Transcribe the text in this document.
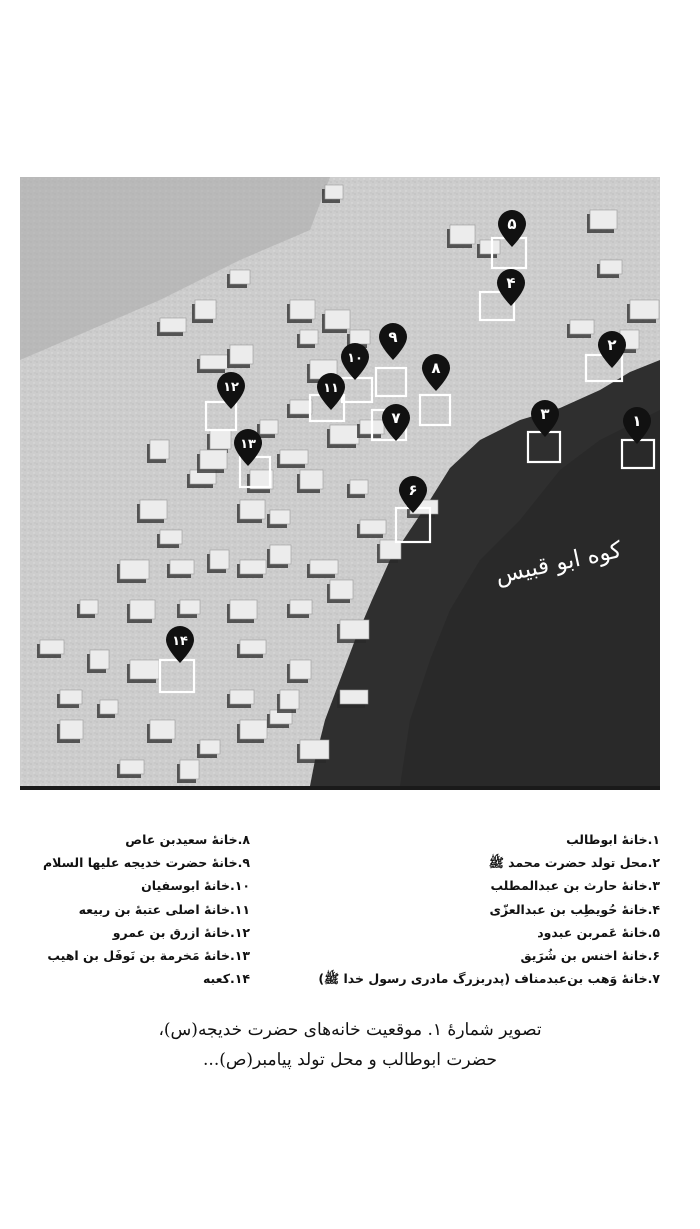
۱
۲
۳
۴
۵
۶
۷
۸
۹
۱۰
۱۱
۱۲
۱۳
۱۴
کوه ابو قبیس
۱.خانهٔ ابوطالب
۲.محل تولد حضرت محمد ﷺ
۳.خانهٔ حارث بن عبدالمطلب
۴.خانهٔ حُویطِب بن عبدالعزّی
۵.خانهٔ عَمربن عبدود
۶.خانهٔ اخنس بن شُرَیق
۷.خانهٔ وَهب بن‌عبدمناف (پدربزرگ مادری رسول خدا ﷺ)
۸.خانهٔ سعیدبن عاص
۹.خانهٔ حضرت خدیجه علیها السلام
۱۰.خانهٔ ابوسفیان
۱۱.خانهٔ اصلی عتبهٔ بن ربیعه
۱۲.خانهٔ ازرق بن عمرو
۱۳.خانهٔ مَخرمة بن نَوفَل بن اهیب
۱۴.کعبه
تصویر شمارهٔ ۱. موقعیت خانه‌های حضرت خدیجه(س)،
حضرت ابوطالب و محل تولد پیامبر(ص)...
